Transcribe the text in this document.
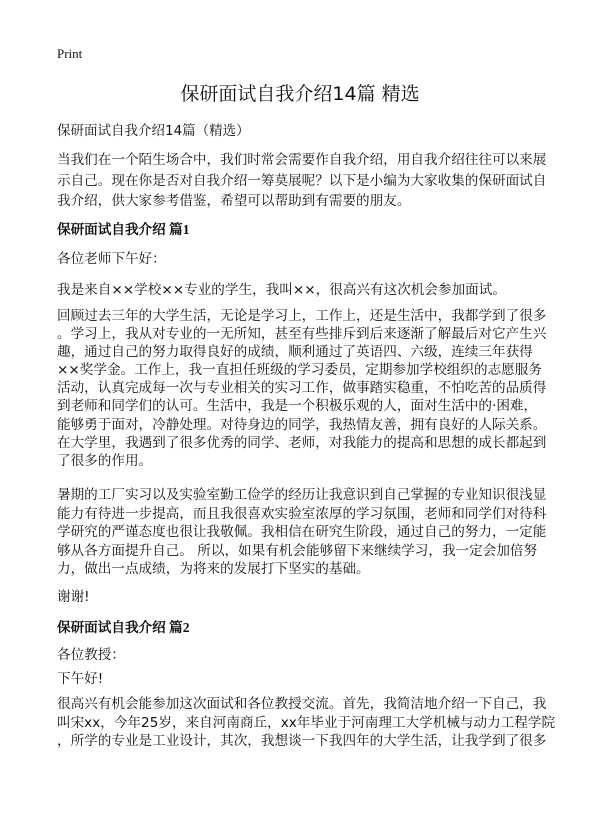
Print
保研面试自我介绍14篇 精选
保研面试自我介绍14篇（精选）
当我们在一个陌生场合中，我们时常会需要作自我介绍，用自我介绍往往可以来展
示自己。现在你是否对自我介绍一筹莫展呢？以下是小编为大家收集的保研面试自
我介绍，供大家参考借鉴，希望可以帮助到有需要的朋友。
保研面试自我介绍 篇1
各位老师下午好：
我是来自××学校××专业的学生，我叫××，很高兴有这次机会参加面试。
回顾过去三年的大学生活，无论是学习上，工作上，还是生活中，我都学到了很多
。学习上，我从对专业的一无所知，甚至有些排斥到后来逐渐了解最后对它产生兴
趣，通过自己的努力取得良好的成绩，顺利通过了英语四、六级，连续三年获得
××奖学金。工作上，我一直担任班级的学习委员，定期参加学校组织的志愿服务
活动，认真完成每一次与专业相关的实习工作，做事踏实稳重，不怕吃苦的品质得
到老师和同学们的认可。生活中，我是一个积极乐观的人，面对生活中的·困难，
能够勇于面对，冷静处理。对待身边的同学，我热情友善，拥有良好的人际关系。
在大学里，我遇到了很多优秀的同学、老师，对我能力的提高和思想的成长都起到
了很多的作用。
暑期的工厂实习以及实验室勤工俭学的经历让我意识到自己掌握的专业知识很浅显
能力有待进一步提高，而且我很喜欢实验室浓厚的学习氛围，老师和同学们对待科
学研究的严谨态度也很让我敬佩。我相信在研究生阶段，通过自己的努力，一定能
够从各方面提升自己。 所以，如果有机会能够留下来继续学习，我一定会加倍努
力，做出一点成绩，为将来的发展打下坚实的基础。
谢谢!
保研面试自我介绍 篇2
各位教授：
下午好!
很高兴有机会能参加这次面试和各位教授交流。首先，我简洁地介绍一下自己，我
叫宋xx，今年25岁，来自河南商丘，xx年毕业于河南理工大学机械与动力工程学院
，所学的专业是工业设计，其次，我想谈一下我四年的大学生活，让我学到了很多
